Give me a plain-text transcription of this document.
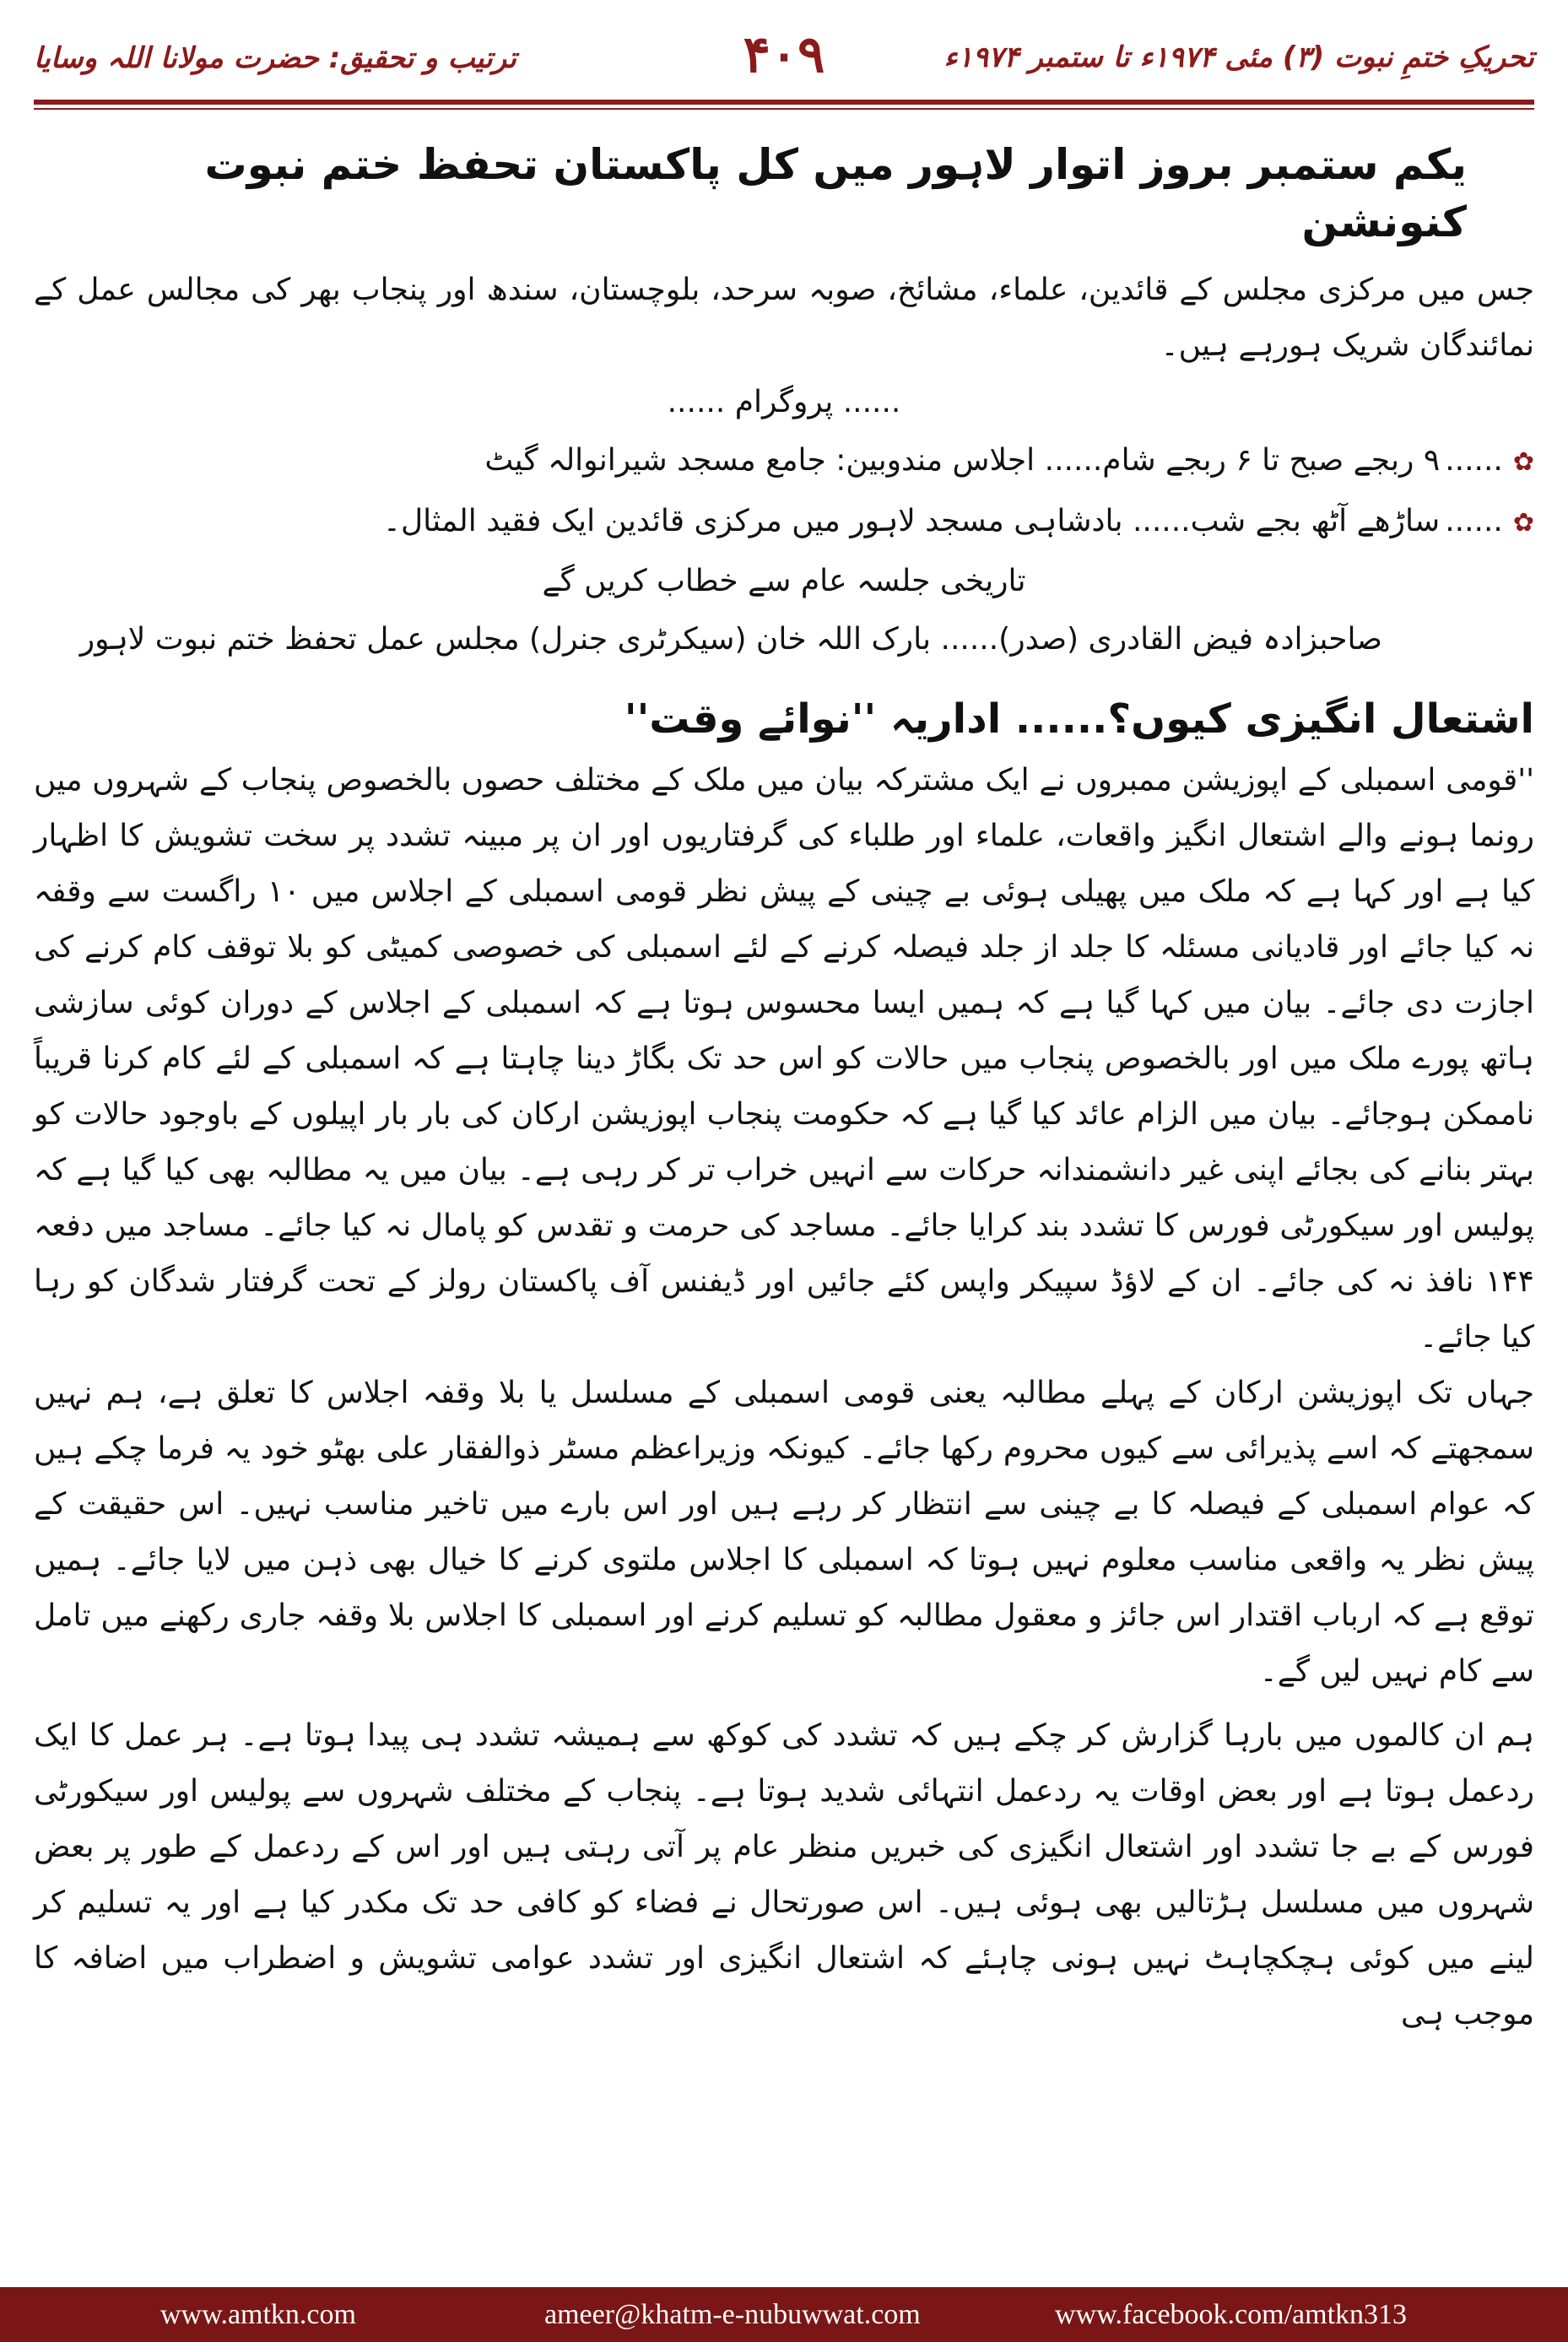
تحریکِ ختمِ نبوت (۳) مئی ۱۹۷۴ء تا ستمبر ۱۹۷۴ء
۴۰۹
ترتیب و تحقیق: حضرت مولانا اللہ وسایا
یکم ستمبر بروز اتوار لاہور میں کل پاکستان تحفظ ختم نبوت کنونشن

جس میں مرکزی مجلس کے قائدین، علماء، مشائخ، صوبہ سرحد، بلوچستان، سندھ اور پنجاب بھر کی مجالس عمل کے نمائندگان شریک ہورہے ہیں۔

...... پروگرام ......
✿......۹ ربجے صبح تا ۶ ربجے شام...... اجلاس مندوبین: جامع مسجد شیرانوالہ گیٹ
✿......ساڑھے آٹھ بجے شب...... بادشاہی مسجد لاہور میں مرکزی قائدین ایک فقید المثال۔
تاریخی جلسہ عام سے خطاب کریں گے
صاحبزادہ فیض القادری (صدر)...... بارک اللہ خان (سیکرٹری جنرل) مجلس عمل تحفظ ختم نبوت لاہور
اشتعال انگیزی کیوں؟...... اداریہ ''نوائے وقت''

''قومی اسمبلی کے اپوزیشن ممبروں نے ایک مشترکہ بیان میں ملک کے مختلف حصوں بالخصوص پنجاب کے شہروں میں رونما ہونے والے اشتعال انگیز واقعات، علماء اور طلباء کی گرفتاریوں اور ان پر مبینہ تشدد پر سخت تشویش کا اظہار کیا ہے اور کہا ہے کہ ملک میں پھیلی ہوئی بے چینی کے پیش نظر قومی اسمبلی کے اجلاس میں ۱۰ راگست سے وقفہ نہ کیا جائے اور قادیانی مسئلہ کا جلد از جلد فیصلہ کرنے کے لئے اسمبلی کی خصوصی کمیٹی کو بلا توقف کام کرنے کی اجازت دی جائے۔ بیان میں کہا گیا ہے کہ ہمیں ایسا محسوس ہوتا ہے کہ اسمبلی کے اجلاس کے دوران کوئی سازشی ہاتھ پورے ملک میں اور بالخصوص پنجاب میں حالات کو اس حد تک بگاڑ دینا چاہتا ہے کہ اسمبلی کے لئے کام کرنا قریباً ناممکن ہوجائے۔ بیان میں الزام عائد کیا گیا ہے کہ حکومت پنجاب اپوزیشن ارکان کی بار بار اپیلوں کے باوجود حالات کو بہتر بنانے کی بجائے اپنی غیر دانشمندانہ حرکات سے انہیں خراب تر کر رہی ہے۔ بیان میں یہ مطالبہ بھی کیا گیا ہے کہ پولیس اور سیکورٹی فورس کا تشدد بند کرایا جائے۔ مساجد کی حرمت و تقدس کو پامال نہ کیا جائے۔ مساجد میں دفعہ ۱۴۴ نافذ نہ کی جائے۔ ان کے لاؤڈ سپیکر واپس کئے جائیں اور ڈیفنس آف پاکستان رولز کے تحت گرفتار شدگان کو رہا کیا جائے۔

جہاں تک اپوزیشن ارکان کے پہلے مطالبہ یعنی قومی اسمبلی کے مسلسل یا بلا وقفہ اجلاس کا تعلق ہے، ہم نہیں سمجھتے کہ اسے پذیرائی سے کیوں محروم رکھا جائے۔ کیونکہ وزیراعظم مسٹر ذوالفقار علی بھٹو خود یہ فرما چکے ہیں کہ عوام اسمبلی کے فیصلہ کا بے چینی سے انتظار کر رہے ہیں اور اس بارے میں تاخیر مناسب نہیں۔ اس حقیقت کے پیش نظر یہ واقعی مناسب معلوم نہیں ہوتا کہ اسمبلی کا اجلاس ملتوی کرنے کا خیال بھی ذہن میں لایا جائے۔ ہمیں توقع ہے کہ ارباب اقتدار اس جائز و معقول مطالبہ کو تسلیم کرنے اور اسمبلی کا اجلاس بلا وقفہ جاری رکھنے میں تامل سے کام نہیں لیں گے۔

ہم ان کالموں میں بارہا گزارش کر چکے ہیں کہ تشدد کی کوکھ سے ہمیشہ تشدد ہی پیدا ہوتا ہے۔ ہر عمل کا ایک ردعمل ہوتا ہے اور بعض اوقات یہ ردعمل انتہائی شدید ہوتا ہے۔ پنجاب کے مختلف شہروں سے پولیس اور سیکورٹی فورس کے بے جا تشدد اور اشتعال انگیزی کی خبریں منظر عام پر آتی رہتی ہیں اور اس کے ردعمل کے طور پر بعض شہروں میں مسلسل ہڑتالیں بھی ہوئی ہیں۔ اس صورتحال نے فضاء کو کافی حد تک مکدر کیا ہے اور یہ تسلیم کر لینے میں کوئی ہچکچاہٹ نہیں ہونی چاہئے کہ اشتعال انگیزی اور تشدد عوامی تشویش و اضطراب میں اضافہ کا موجب ہی

www.amtkn.com	ameer@khatm-e-nubuwwat.com	www.facebook.com/amtkn313
